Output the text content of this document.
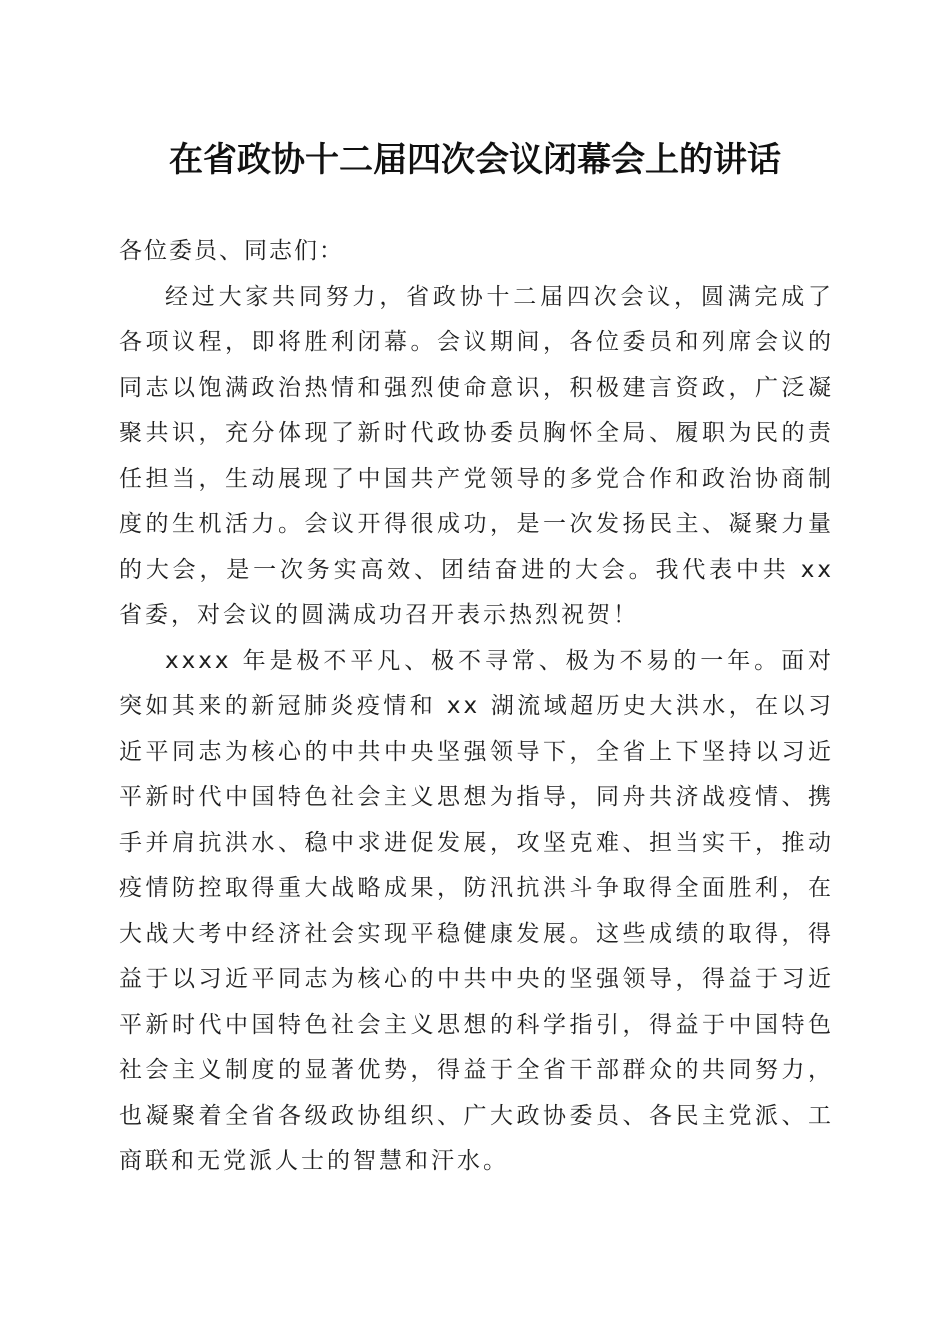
在省政协十二届四次会议闭幕会上的讲话

各位委员、同志们：

经过大家共同努力，省政协十二届四次会议，圆满完成了各项议程，即将胜利闭幕。会议期间，各位委员和列席会议的同志以饱满政治热情和强烈使命意识，积极建言资政，广泛凝聚共识，充分体现了新时代政协委员胸怀全局、履职为民的责任担当，生动展现了中国共产党领导的多党合作和政治协商制度的生机活力。会议开得很成功，是一次发扬民主、凝聚力量的大会，是一次务实高效、团结奋进的大会。我代表中共 xx 省委，对会议的圆满成功召开表示热烈祝贺！

xxxx 年是极不平凡、极不寻常、极为不易的一年。面对突如其来的新冠肺炎疫情和 xx 湖流域超历史大洪水，在以习近平同志为核心的中共中央坚强领导下，全省上下坚持以习近平新时代中国特色社会主义思想为指导，同舟共济战疫情、携手并肩抗洪水、稳中求进促发展，攻坚克难、担当实干，推动疫情防控取得重大战略成果，防汛抗洪斗争取得全面胜利，在大战大考中经济社会实现平稳健康发展。这些成绩的取得，得益于以习近平同志为核心的中共中央的坚强领导，得益于习近平新时代中国特色社会主义思想的科学指引，得益于中国特色社会主义制度的显著优势，得益于全省干部群众的共同努力，也凝聚着全省各级政协组织、广大政协委员、各民主党派、工商联和无党派人士的智慧和汗水。
